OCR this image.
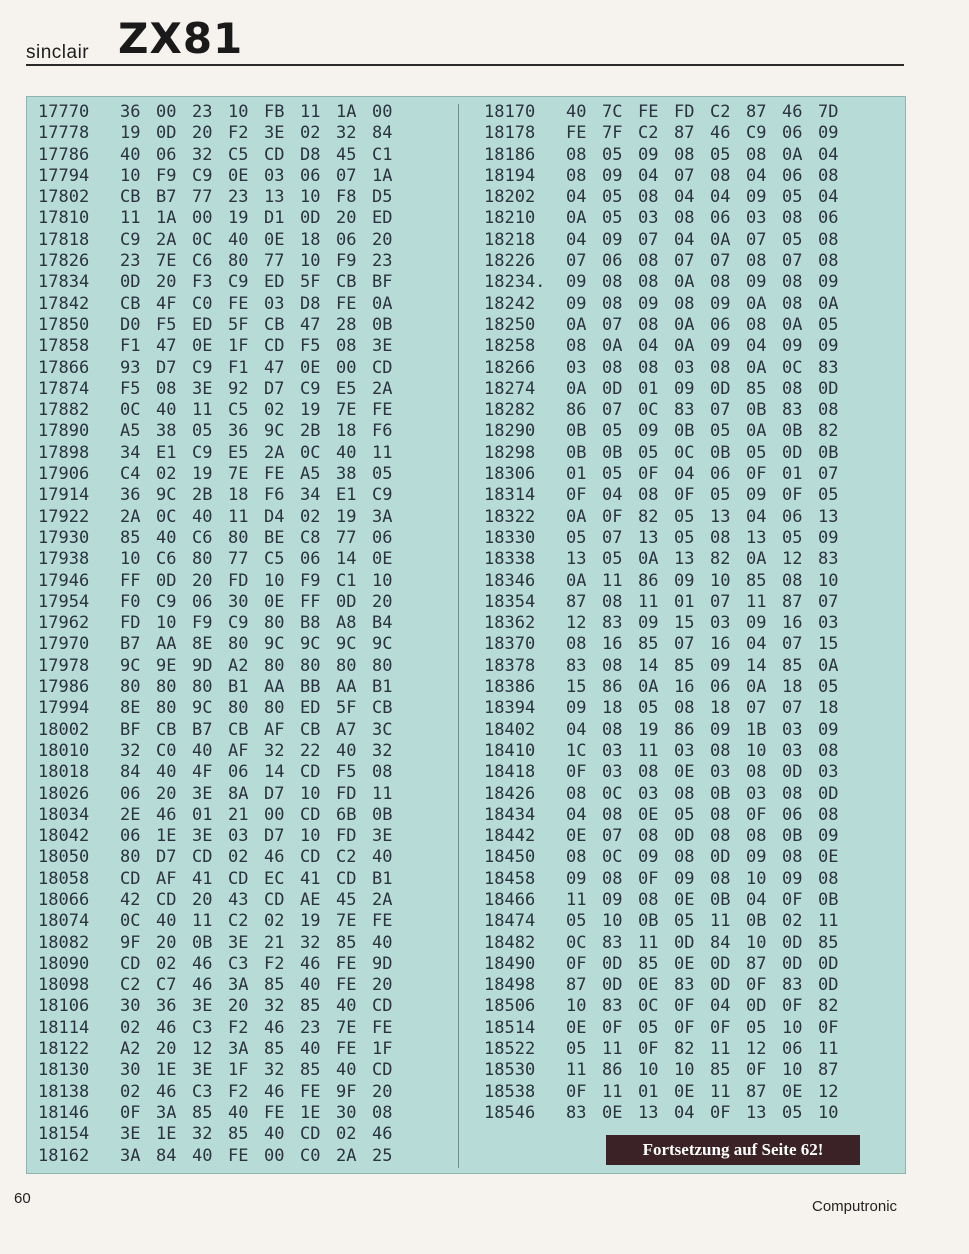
sinclair ZX81
17770 36 00 23 10 FB 11 1A 00
17778 19 0D 20 F2 3E 02 32 84
17786 40 06 32 C5 CD D8 45 C1
17794 10 F9 C9 0E 03 06 07 1A
17802 CB B7 77 23 13 10 F8 D5
17810 11 1A 00 19 D1 0D 20 ED
17818 C9 2A 0C 40 0E 18 06 20
17826 23 7E C6 80 77 10 F9 23
17834 0D 20 F3 C9 ED 5F CB BF
17842 CB 4F C0 FE 03 D8 FE 0A
17850 D0 F5 ED 5F CB 47 28 0B
17858 F1 47 0E 1F CD F5 08 3E
17866 93 D7 C9 F1 47 0E 00 CD
17874 F5 08 3E 92 D7 C9 E5 2A
17882 0C 40 11 C5 02 19 7E FE
17890 A5 38 05 36 9C 2B 18 F6
17898 34 E1 C9 E5 2A 0C 40 11
17906 C4 02 19 7E FE A5 38 05
17914 36 9C 2B 18 F6 34 E1 C9
17922 2A 0C 40 11 D4 02 19 3A
17930 85 40 C6 80 BE C8 77 06
17938 10 C6 80 77 C5 06 14 0E
17946 FF 0D 20 FD 10 F9 C1 10
17954 F0 C9 06 30 0E FF 0D 20
17962 FD 10 F9 C9 80 B8 A8 B4
17970 B7 AA 8E 80 9C 9C 9C 9C
17978 9C 9E 9D A2 80 80 80 80
17986 80 80 80 B1 AA BB AA B1
17994 8E 80 9C 80 80 ED 5F CB
18002 BF CB B7 CB AF CB A7 3C
18010 32 C0 40 AF 32 22 40 32
18018 84 40 4F 06 14 CD F5 08
18026 06 20 3E 8A D7 10 FD 11
18034 2E 46 01 21 00 CD 6B 0B
18042 06 1E 3E 03 D7 10 FD 3E
18050 80 D7 CD 02 46 CD C2 40
18058 CD AF 41 CD EC 41 CD B1
18066 42 CD 20 43 CD AE 45 2A
18074 0C 40 11 C2 02 19 7E FE
18082 9F 20 0B 3E 21 32 85 40
18090 CD 02 46 C3 F2 46 FE 9D
18098 C2 C7 46 3A 85 40 FE 20
18106 30 36 3E 20 32 85 40 CD
18114 02 46 C3 F2 46 23 7E FE
18122 A2 20 12 3A 85 40 FE 1F
18130 30 1E 3E 1F 32 85 40 CD
18138 02 46 C3 F2 46 FE 9F 20
18146 0F 3A 85 40 FE 1E 30 08
18154 3E 1E 32 85 40 CD 02 46
18162 3A 84 40 FE 00 C0 2A 25
18170 40 7C FE FD C2 87 46 7D
18178 FE 7F C2 87 46 C9 06 09
18186 08 05 09 08 05 08 0A 04
18194 08 09 04 07 08 04 06 08
18202 04 05 08 04 04 09 05 04
18210 0A 05 03 08 06 03 08 06
18218 04 09 07 04 0A 07 05 08
18226 07 06 08 07 07 08 07 08
18234. 09 08 08 0A 08 09 08 09
18242 09 08 09 08 09 0A 08 0A
18250 0A 07 08 0A 06 08 0A 05
18258 08 0A 04 0A 09 04 09 09
18266 03 08 08 03 08 0A 0C 83
18274 0A 0D 01 09 0D 85 08 0D
18282 86 07 0C 83 07 0B 83 08
18290 0B 05 09 0B 05 0A 0B 82
18298 0B 0B 05 0C 0B 05 0D 0B
18306 01 05 0F 04 06 0F 01 07
18314 0F 04 08 0F 05 09 0F 05
18322 0A 0F 82 05 13 04 06 13
18330 05 07 13 05 08 13 05 09
18338 13 05 0A 13 82 0A 12 83
18346 0A 11 86 09 10 85 08 10
18354 87 08 11 01 07 11 87 07
18362 12 83 09 15 03 09 16 03
18370 08 16 85 07 16 04 07 15
18378 83 08 14 85 09 14 85 0A
18386 15 86 0A 16 06 0A 18 05
18394 09 18 05 08 18 07 07 18
18402 04 08 19 86 09 1B 03 09
18410 1C 03 11 03 08 10 03 08
18418 0F 03 08 0E 03 08 0D 03
18426 08 0C 03 08 0B 03 08 0D
18434 04 08 0E 05 08 0F 06 08
18442 0E 07 08 0D 08 08 0B 09
18450 08 0C 09 08 0D 09 08 0E
18458 09 08 0F 09 08 10 09 08
18466 11 09 08 0E 0B 04 0F 0B
18474 05 10 0B 05 11 0B 02 11
18482 0C 83 11 0D 84 10 0D 85
18490 0F 0D 85 0E 0D 87 0D 0D
18498 87 0D 0E 83 0D 0F 83 0D
18506 10 83 0C 0F 04 0D 0F 82
18514 0E 0F 05 0F 0F 05 10 0F
18522 05 11 0F 82 11 12 06 11
18530 11 86 10 10 85 0F 10 87
18538 0F 11 01 0E 11 87 0E 12
18546 83 0E 13 04 0F 13 05 10
Fortsetzung auf Seite 62!
60	Computronic
